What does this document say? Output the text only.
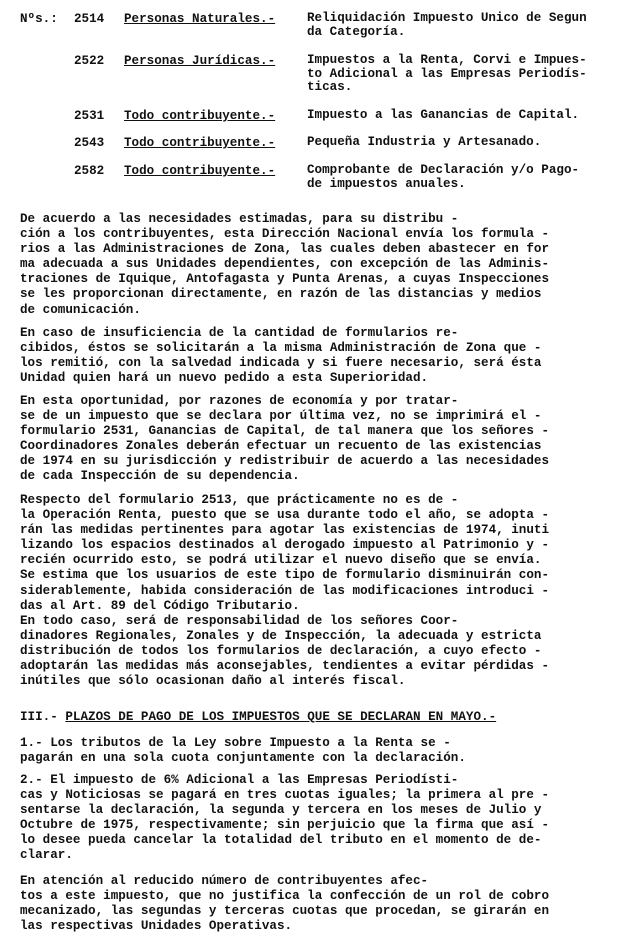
Nºs.: 2514 Personas Naturales.-	Reliquidación Impuesto Unico de Segun
da Categoría.
2522 Personas Jurídicas.-	Impuestos a la Renta, Corvi e Impues-
to Adicional a las Empresas Periodís-
ticas.
2531 Todo contribuyente.-	Impuesto a las Ganancias de Capital.
2543 Todo contribuyente.-	Pequeña Industria y Artesanado.
2582 Todo contribuyente.-	Comprobante de Declaración y/o Pago-
de impuestos anuales.
De acuerdo a las necesidades estimadas, para su distribu -
ción a los contribuyentes, esta Dirección Nacional envía los formula -
rios a las Administraciones de Zona, las cuales deben abastecer en for
ma adecuada a sus Unidades dependientes, con excepción de las Adminis-
traciones de Iquique, Antofagasta y Punta Arenas, a cuyas Inspecciones
se les proporcionan directamente, en razón de las distancias y medios
de comunicación.
En caso de insuficiencia de la cantidad de formularios re-
cibidos, éstos se solicitarán a la misma Administración de Zona que -
los remitió, con la salvedad indicada y si fuere necesario, será ésta
Unidad quien hará un nuevo pedido a esta Superioridad.
En esta oportunidad, por razones de economía y por tratar-
se de un impuesto que se declara por última vez, no se imprimirá el -
formulario 2531, Ganancias de Capital, de tal manera que los señores -
Coordinadores Zonales deberán efectuar un recuento de las existencias
de 1974 en su jurisdicción y redistribuir de acuerdo a las necesidades
de cada Inspección de su dependencia.
Respecto del formulario 2513, que prácticamente no es de -
la Operación Renta, puesto que se usa durante todo el año, se adopta -
rán las medidas pertinentes para agotar las existencias de 1974, inuti
lizando los espacios destinados al derogado impuesto al Patrimonio y -
recién ocurrido esto, se podrá utilizar el nuevo diseño que se envía.
Se estima que los usuarios de este tipo de formulario disminuirán con-
siderablemente, habida consideración de las modificaciones introduci -
das al Art. 89 del Código Tributario.
En todo caso, será de responsabilidad de los señores Coor-
dinadores Regionales, Zonales y de Inspección, la adecuada y estricta
distribución de todos los formularios de declaración, a cuyo efecto -
adoptarán las medidas más aconsejables, tendientes a evitar pérdidas -
inútiles que sólo ocasionan daño al interés fiscal.
III.- PLAZOS DE PAGO DE LOS IMPUESTOS QUE SE DECLARAN EN MAYO.-
1.- Los tributos de la Ley sobre Impuesto a la Renta se -
pagarán en una sola cuota conjuntamente con la declaración.
2.- El impuesto de 6% Adicional a las Empresas Periodísti-
cas y Noticiosas se pagará en tres cuotas iguales; la primera al pre -
sentarse la declaración, la segunda y tercera en los meses de Julio y
Octubre de 1975, respectivamente; sin perjuicio que la firma que así -
lo desee pueda cancelar la totalidad del tributo en el momento de de-
clarar.
En atención al reducido número de contribuyentes afec-
tos a este impuesto, que no justifica la confección de un rol de cobro
mecanizado, las segundas y terceras cuotas que procedan, se girarán en
las respectivas Unidades Operativas.
